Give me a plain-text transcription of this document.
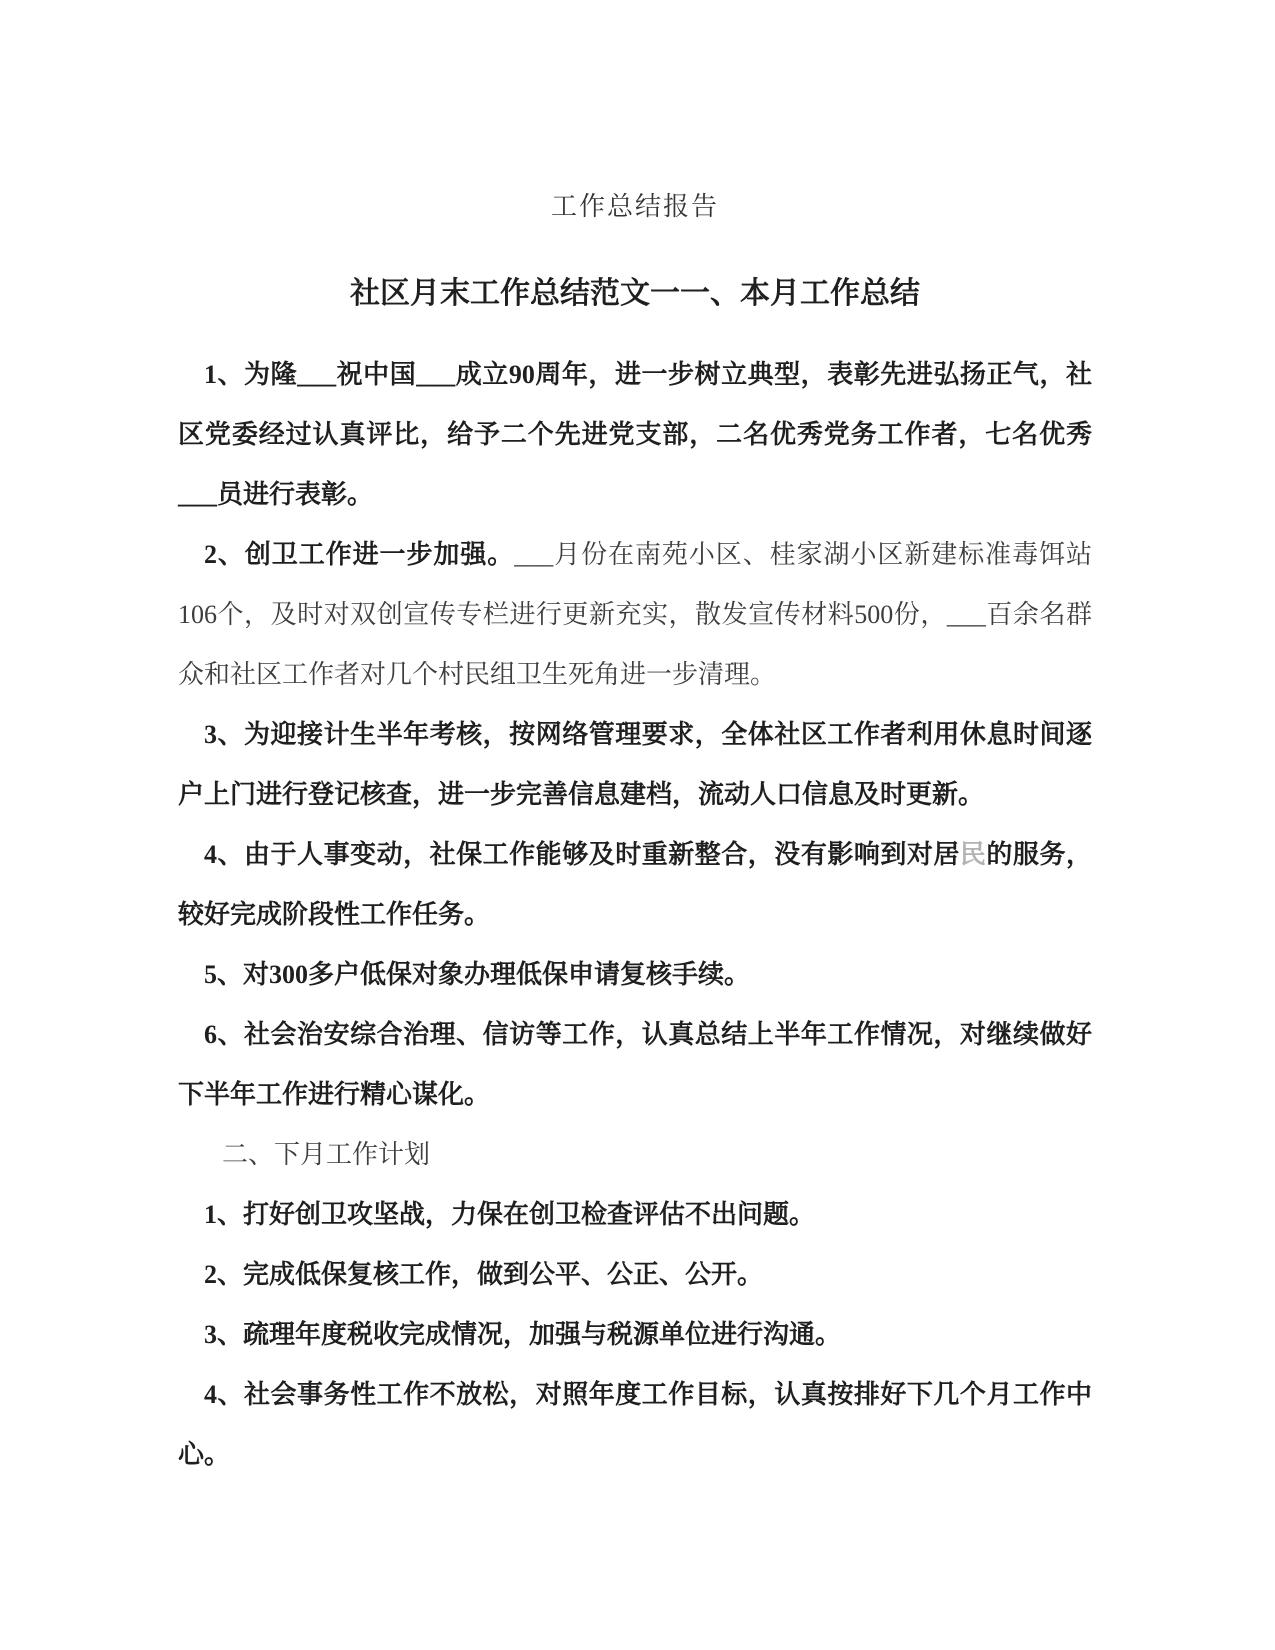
工作总结报告
社区月末工作总结范文一一、本月工作总结

1、为隆___祝中国___成立90周年，进一步树立典型，表彰先进弘扬正气，社区党委经过认真评比，给予二个先进党支部，二名优秀党务工作者，七名优秀___员进行表彰。

2、创卫工作进一步加强。___月份在南苑小区、桂家湖小区新建标准毒饵站106个，及时对双创宣传专栏进行更新充实，散发宣传材料500份，___百余名群众和社区工作者对几个村民组卫生死角进一步清理。

3、为迎接计生半年考核，按网络管理要求，全体社区工作者利用休息时间逐户上门进行登记核查，进一步完善信息建档，流动人口信息及时更新。

4、由于人事变动，社保工作能够及时重新整合，没有影响到对居民的服务，较好完成阶段性工作任务。

5、对300多户低保对象办理低保申请复核手续。

6、社会治安综合治理、信访等工作，认真总结上半年工作情况，对继续做好下半年工作进行精心谋化。

二、下月工作计划

1、打好创卫攻坚战，力保在创卫检查评估不出问题。

2、完成低保复核工作，做到公平、公正、公开。

3、疏理年度税收完成情况，加强与税源单位进行沟通。

4、社会事务性工作不放松，对照年度工作目标，认真按排好下几个月工作中心。
